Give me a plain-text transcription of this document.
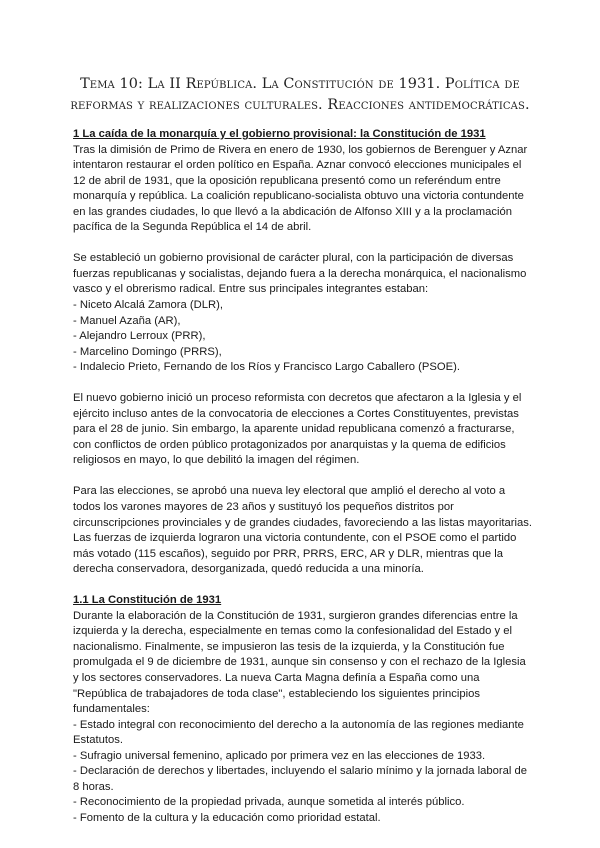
Tema 10: La II República. La Constitución de 1931. Política de reformas y realizaciones culturales. Reacciones antidemocráticas.

1 La caída de la monarquía y el gobierno provisional: la Constitución de 1931

Tras la dimisión de Primo de Rivera en enero de 1930, los gobiernos de Berenguer y Aznar intentaron restaurar el orden político en España. Aznar convocó elecciones municipales el 12 de abril de 1931, que la oposición republicana presentó como un referéndum entre monarquía y república. La coalición republicano-socialista obtuvo una victoria contundente en las grandes ciudades, lo que llevó a la abdicación de Alfonso XIII y a la proclamación pacífica de la Segunda República el 14 de abril.

Se estableció un gobierno provisional de carácter plural, con la participación de diversas fuerzas republicanas y socialistas, dejando fuera a la derecha monárquica, el nacionalismo vasco y el obrerismo radical. Entre sus principales integrantes estaban:

- Niceto Alcalá Zamora (DLR),
- Manuel Azaña (AR),
- Alejandro Lerroux (PRR),
- Marcelino Domingo (PRRS),
- Indalecio Prieto, Fernando de los Ríos y Francisco Largo Caballero (PSOE).

El nuevo gobierno inició un proceso reformista con decretos que afectaron a la Iglesia y el ejército incluso antes de la convocatoria de elecciones a Cortes Constituyentes, previstas para el 28 de junio. Sin embargo, la aparente unidad republicana comenzó a fracturarse, con conflictos de orden público protagonizados por anarquistas y la quema de edificios religiosos en mayo, lo que debilitó la imagen del régimen.

Para las elecciones, se aprobó una nueva ley electoral que amplió el derecho al voto a todos los varones mayores de 23 años y sustituyó los pequeños distritos por circunscripciones provinciales y de grandes ciudades, favoreciendo a las listas mayoritarias. Las fuerzas de izquierda lograron una victoria contundente, con el PSOE como el partido más votado (115 escaños), seguido por PRR, PRRS, ERC, AR y DLR, mientras que la derecha conservadora, desorganizada, quedó reducida a una minoría.

1.1 La Constitución de 1931

Durante la elaboración de la Constitución de 1931, surgieron grandes diferencias entre la izquierda y la derecha, especialmente en temas como la confesionalidad del Estado y el nacionalismo. Finalmente, se impusieron las tesis de la izquierda, y la Constitución fue promulgada el 9 de diciembre de 1931, aunque sin consenso y con el rechazo de la Iglesia y los sectores conservadores. La nueva Carta Magna definía a España como una "República de trabajadores de toda clase", estableciendo los siguientes principios fundamentales:

- Estado integral con reconocimiento del derecho a la autonomía de las regiones mediante Estatutos.
- Sufragio universal femenino, aplicado por primera vez en las elecciones de 1933.
- Declaración de derechos y libertades, incluyendo el salario mínimo y la jornada laboral de 8 horas.
- Reconocimiento de la propiedad privada, aunque sometida al interés público.
- Fomento de la cultura y la educación como prioridad estatal.
